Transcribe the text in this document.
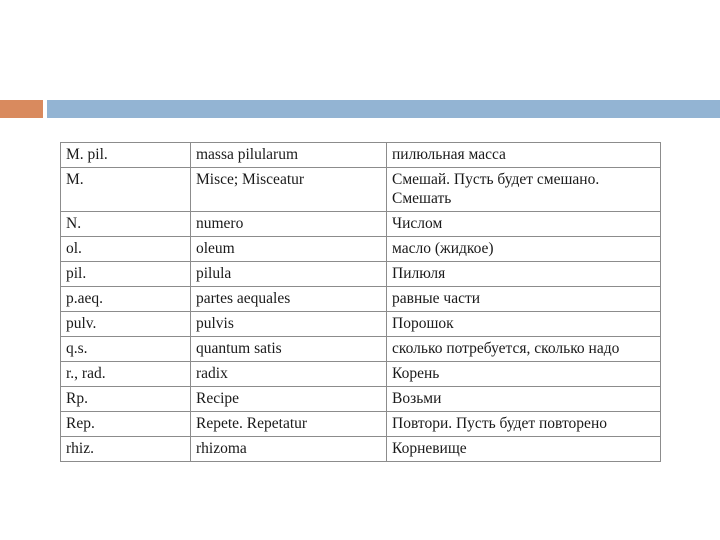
M. pil.	massa pilularum	пилюльная масса
M.	Misce; Misceatur	Смешай. Пусть будет смешано. Смешать
N.	numero	Числом
ol.	oleum	масло (жидкое)
pil.	pilula	Пилюля
p.aeq.	partes aequales	равные части
pulv.	pulvis	Порошок
q.s.	quantum satis	сколько потребуется, сколько надо
r., rad.	radix	Корень
Rp.	Recipe	Возьми
Rep.	Repete. Repetatur	Повтори. Пусть будет повторено
rhiz.	rhizoma	Корневище
